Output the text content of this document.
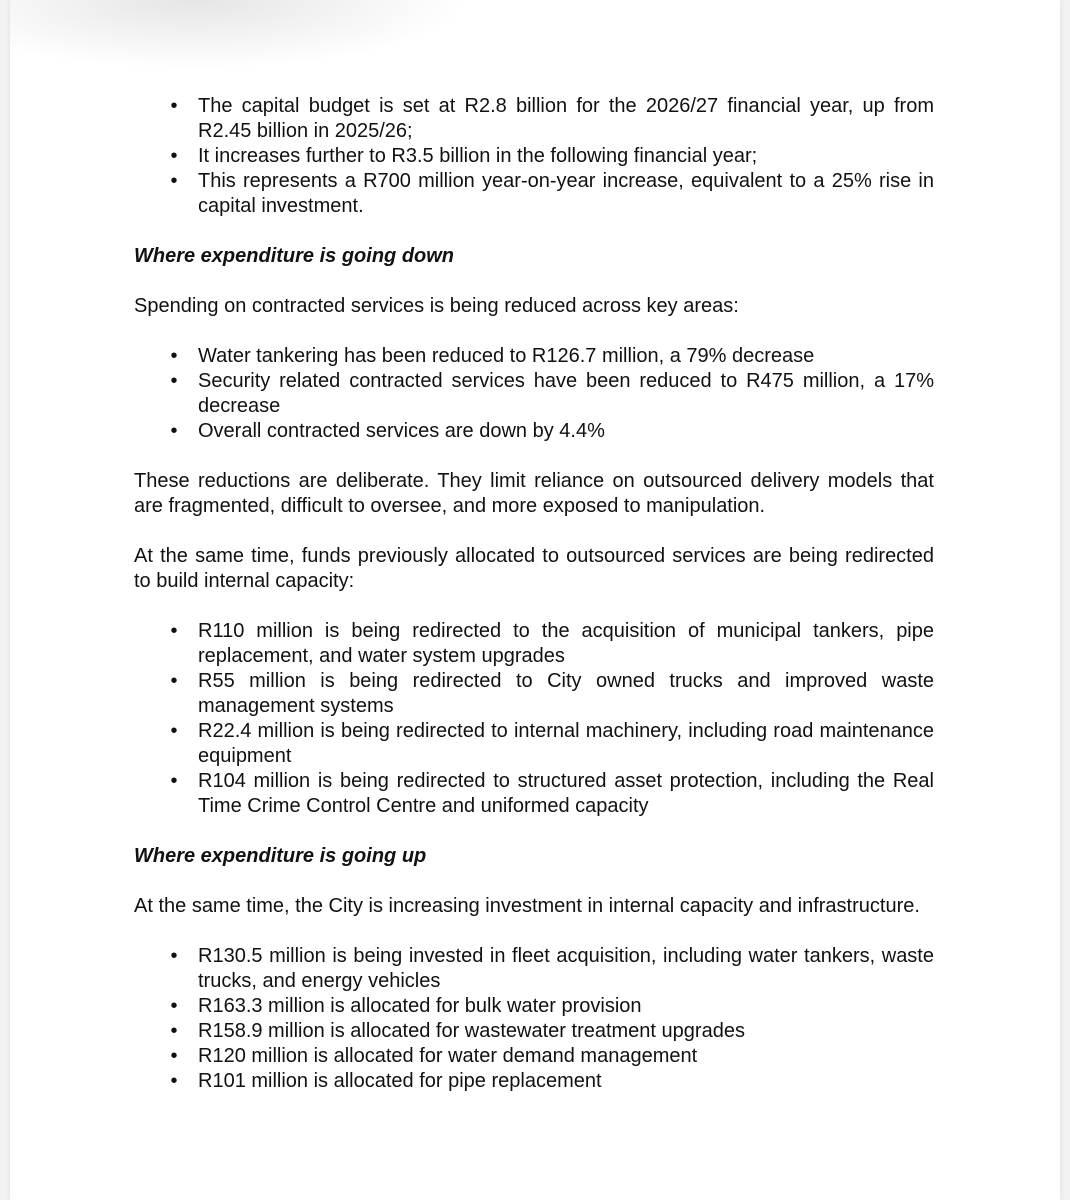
• The capital budget is set at R2.8 billion for the 2026/27 financial year, up from R2.45 billion in 2025/26;
• It increases further to R3.5 billion in the following financial year;
• This represents a R700 million year-on-year increase, equivalent to a 25% rise in capital investment.

Where expenditure is going down

Spending on contracted services is being reduced across key areas:

• Water tankering has been reduced to R126.7 million, a 79% decrease
• Security related contracted services have been reduced to R475 million, a 17% decrease
• Overall contracted services are down by 4.4%

These reductions are deliberate. They limit reliance on outsourced delivery models that are fragmented, difficult to oversee, and more exposed to manipulation.

At the same time, funds previously allocated to outsourced services are being redirected to build internal capacity:

• R110 million is being redirected to the acquisition of municipal tankers, pipe replacement, and water system upgrades
• R55 million is being redirected to City owned trucks and improved waste management systems
• R22.4 million is being redirected to internal machinery, including road maintenance equipment
• R104 million is being redirected to structured asset protection, including the Real Time Crime Control Centre and uniformed capacity

Where expenditure is going up

At the same time, the City is increasing investment in internal capacity and infrastructure.

• R130.5 million is being invested in fleet acquisition, including water tankers, waste trucks, and energy vehicles
• R163.3 million is allocated for bulk water provision
• R158.9 million is allocated for wastewater treatment upgrades
• R120 million is allocated for water demand management
• R101 million is allocated for pipe replacement
